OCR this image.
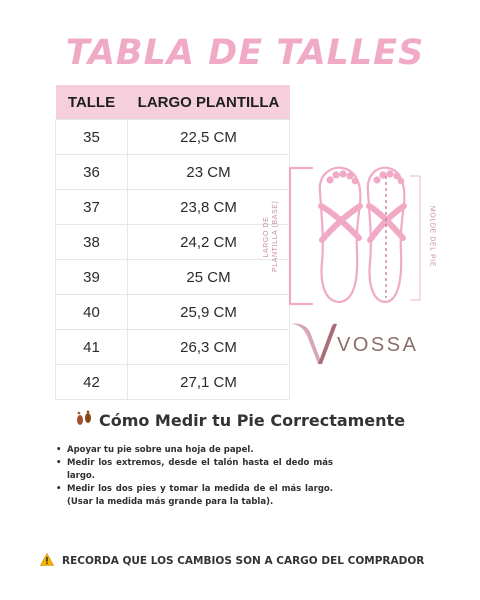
TABLA DE TALLES
TALLE	LARGO PLANTILLA
35	22,5 CM
36	23 CM
37	23,8 CM
38	24,2 CM
39	25 CM
40	25,9 CM
41	26,3 CM
42	27,1 CM
LARGO DE PLANTILLA (BASE)	MOLDE DEL PIE
VOSSA
Cómo Medir tu Pie Correctamente
• Apoyar tu pie sobre una hoja de papel.
• Medir los extremos, desde el talón hasta el dedo más largo.
• Medir los dos pies y tomar la medida de el más largo. (Usar la medida más grande para la tabla).
RECORDA QUE LOS CAMBIOS SON A CARGO DEL COMPRADOR
